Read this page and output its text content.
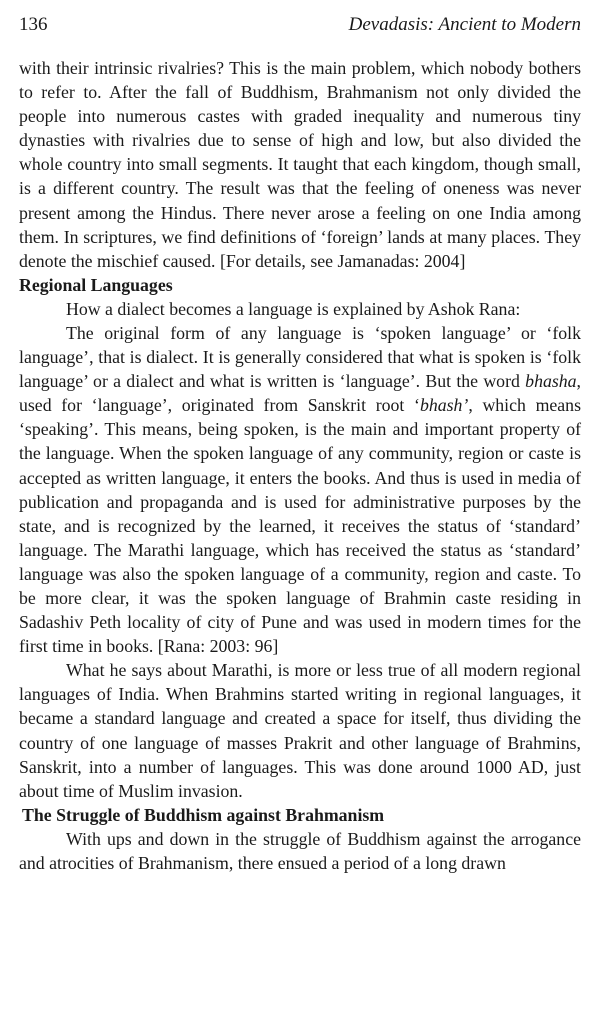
136	Devadasis: Ancient to Modern

with their intrinsic rivalries? This is the main problem, which nobody bothers to refer to. After the fall of Buddhism, Brahmanism not only divided the people into numerous castes with graded inequality and numerous tiny dynasties with rivalries due to sense of high and low, but also divided the whole country into small segments. It taught that each kingdom, though small, is a different country. The result was that the feeling of oneness was never present among the Hindus. There never arose a feeling on one India among them. In scriptures, we find definitions of ‘foreign’ lands at many places. They denote the mischief caused. [For details, see Jamanadas: 2004]

Regional Languages

How a dialect becomes a language is explained by Ashok Rana:

The original form of any language is ‘spoken language’ or ‘folk language’, that is dialect. It is generally considered that what is spoken is ‘folk language’ or a dialect and what is written is ‘language’. But the word bhasha, used for ‘language’, originated from Sanskrit root ‘bhash’, which means ‘speaking’. This means, being spoken, is the main and important property of the language. When the spoken language of any community, region or caste is accepted as written language, it enters the books. And thus is used in media of publication and propaganda and is used for administrative purposes by the state, and is recognized by the learned, it receives the status of ‘standard’ language. The Marathi language, which has received the status as ‘standard’ language was also the spoken language of a community, region and caste. To be more clear, it was the spoken language of Brahmin caste residing in Sadashiv Peth locality of city of Pune and was used in modern times for the first time in books. [Rana: 2003: 96]

What he says about Marathi, is more or less true of all modern regional languages of India. When Brahmins started writing in regional languages, it became a standard language and created a space for itself, thus dividing the country of one language of masses Prakrit and other language of Brahmins, Sanskrit, into a number of languages. This was done around 1000 AD, just about time of Muslim invasion.

The Struggle of Buddhism against Brahmanism

With ups and down in the struggle of Buddhism against the arrogance and atrocities of Brahmanism, there ensued a period of a long drawn
